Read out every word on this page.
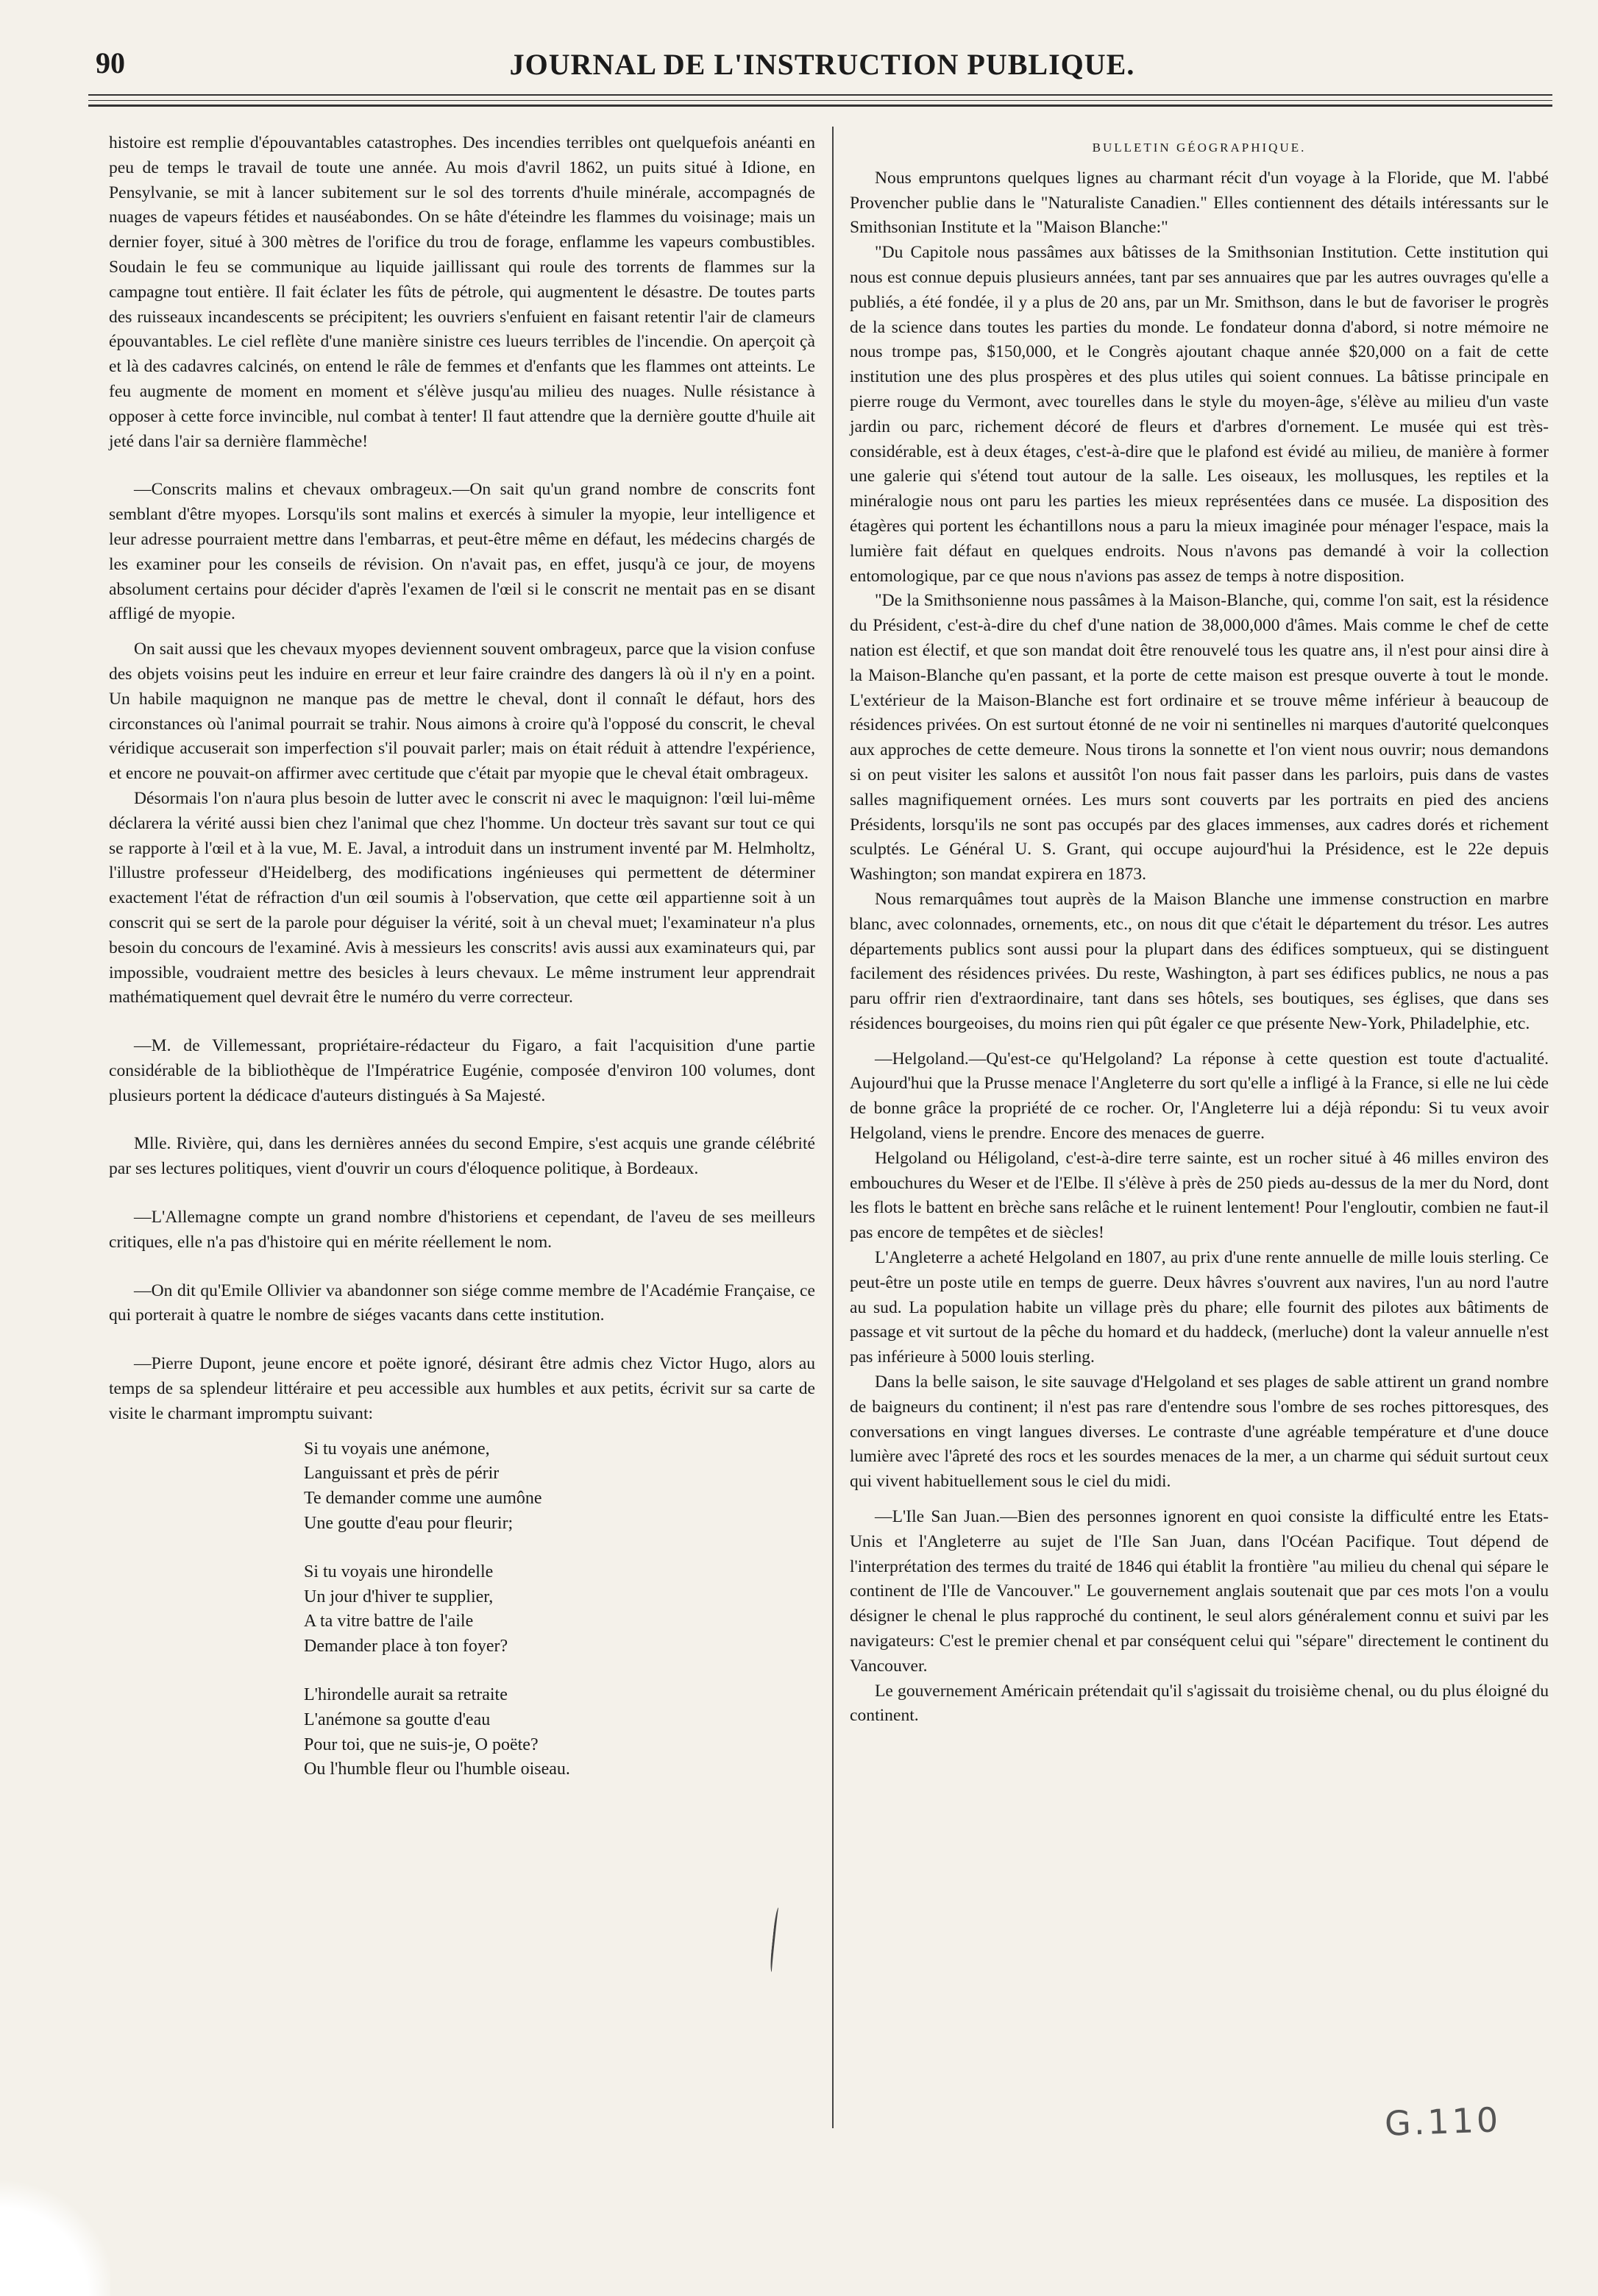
90	JOURNAL DE L'INSTRUCTION PUBLIQUE.

histoire est remplie d'épouvantables catastrophes. Des incendies terribles ont quelquefois anéanti en peu de temps le travail de toute une année. Au mois d'avril 1862, un puits situé à Idione, en Pensylvanie, se mit à lancer subitement sur le sol des torrents d'huile minérale, accompagnés de nuages de vapeurs fétides et nauséabondes. On se hâte d'éteindre les flammes du voisinage; mais un dernier foyer, situé à 300 mètres de l'orifice du trou de forage, enflamme les vapeurs combustibles. Soudain le feu se communique au liquide jaillissant qui roule des torrents de flammes sur la campagne tout entière. Il fait éclater les fûts de pétrole, qui augmentent le désastre. De toutes parts des ruisseaux incandescents se précipitent; les ouvriers s'enfuient en faisant retentir l'air de clameurs épouvantables. Le ciel reflète d'une manière sinistre ces lueurs terribles de l'incendie. On aperçoit çà et là des cadavres calcinés, on entend le râle de femmes et d'enfants que les flammes ont atteints. Le feu augmente de moment en moment et s'élève jusqu'au milieu des nuages. Nulle résistance à opposer à cette force invincible, nul combat à tenter! Il faut attendre que la dernière goutte d'huile ait jeté dans l'air sa dernière flammèche!

—Conscrits malins et chevaux ombrageux.—On sait qu'un grand nombre de conscrits font semblant d'être myopes. Lorsqu'ils sont malins et exercés à simuler la myopie, leur intelligence et leur adresse pourraient mettre dans l'embarras, et peut-être même en défaut, les médecins chargés de les examiner pour les conseils de révision. On n'avait pas, en effet, jusqu'à ce jour, de moyens absolument certains pour décider d'après l'examen de l'œil si le conscrit ne mentait pas en se disant affligé de myopie.

On sait aussi que les chevaux myopes deviennent souvent ombrageux, parce que la vision confuse des objets voisins peut les induire en erreur et leur faire craindre des dangers là où il n'y en a point. Un habile maquignon ne manque pas de mettre le cheval, dont il connaît le défaut, hors des circonstances où l'animal pourrait se trahir. Nous aimons à croire qu'à l'opposé du conscrit, le cheval véridique accuserait son imperfection s'il pouvait parler; mais on était réduit à attendre l'expérience, et encore ne pouvait-on affirmer avec certitude que c'était par myopie que le cheval était ombrageux.

Désormais l'on n'aura plus besoin de lutter avec le conscrit ni avec le maquignon: l'œil lui-même déclarera la vérité aussi bien chez l'animal que chez l'homme. Un docteur très savant sur tout ce qui se rapporte à l'œil et à la vue, M. E. Javal, a introduit dans un instrument inventé par M. Helmholtz, l'illustre professeur d'Heidelberg, des modifications ingénieuses qui permettent de déterminer exactement l'état de réfraction d'un œil soumis à l'observation, que cette œil appartienne soit à un conscrit qui se sert de la parole pour déguiser la vérité, soit à un cheval muet; l'examinateur n'a plus besoin du concours de l'examiné. Avis à messieurs les conscrits! avis aussi aux examinateurs qui, par impossible, voudraient mettre des besicles à leurs chevaux. Le même instrument leur apprendrait mathématiquement quel devrait être le numéro du verre correcteur.

—M. de Villemessant, propriétaire-rédacteur du Figaro, a fait l'acquisition d'une partie considérable de la bibliothèque de l'Impératrice Eugénie, composée d'environ 100 volumes, dont plusieurs portent la dédicace d'auteurs distingués à Sa Majesté.

Mlle. Rivière, qui, dans les dernières années du second Empire, s'est acquis une grande célébrité par ses lectures politiques, vient d'ouvrir un cours d'éloquence politique, à Bordeaux.

—L'Allemagne compte un grand nombre d'historiens et cependant, de l'aveu de ses meilleurs critiques, elle n'a pas d'histoire qui en mérite réellement le nom.

—On dit qu'Emile Ollivier va abandonner son siége comme membre de l'Académie Française, ce qui porterait à quatre le nombre de siéges vacants dans cette institution.

—Pierre Dupont, jeune encore et poëte ignoré, désirant être admis chez Victor Hugo, alors au temps de sa splendeur littéraire et peu accessible aux humbles et aux petits, écrivit sur sa carte de visite le charmant impromptu suivant:

Si tu voyais une anémone,
Languissant et près de périr
Te demander comme une aumône
Une goutte d'eau pour fleurir;
Si tu voyais une hirondelle
Un jour d'hiver te supplier,
A ta vitre battre de l'aile
Demander place à ton foyer?
L'hirondelle aurait sa retraite
L'anémone sa goutte d'eau
Pour toi, que ne suis-je, O poëte?
Ou l'humble fleur ou l'humble oiseau.
BULLETIN GÉOGRAPHIQUE.

Nous empruntons quelques lignes au charmant récit d'un voyage à la Floride, que M. l'abbé Provencher publie dans le "Naturaliste Canadien." Elles contiennent des détails intéressants sur le Smithsonian Institute et la "Maison Blanche:"

"Du Capitole nous passâmes aux bâtisses de la Smithsonian Institution. Cette institution qui nous est connue depuis plusieurs années, tant par ses annuaires que par les autres ouvrages qu'elle a publiés, a été fondée, il y a plus de 20 ans, par un Mr. Smithson, dans le but de favoriser le progrès de la science dans toutes les parties du monde. Le fondateur donna d'abord, si notre mémoire ne nous trompe pas, $150,000, et le Congrès ajoutant chaque année $20,000 on a fait de cette institution une des plus prospères et des plus utiles qui soient connues. La bâtisse principale en pierre rouge du Vermont, avec tourelles dans le style du moyen-âge, s'élève au milieu d'un vaste jardin ou parc, richement décoré de fleurs et d'arbres d'ornement. Le musée qui est très-considérable, est à deux étages, c'est-à-dire que le plafond est évidé au milieu, de manière à former une galerie qui s'étend tout autour de la salle. Les oiseaux, les mollusques, les reptiles et la minéralogie nous ont paru les parties les mieux représentées dans ce musée. La disposition des étagères qui portent les échantillons nous a paru la mieux imaginée pour ménager l'espace, mais la lumière fait défaut en quelques endroits. Nous n'avons pas demandé à voir la collection entomologique, par ce que nous n'avions pas assez de temps à notre disposition.

"De la Smithsonienne nous passâmes à la Maison-Blanche, qui, comme l'on sait, est la résidence du Président, c'est-à-dire du chef d'une nation de 38,000,000 d'âmes. Mais comme le chef de cette nation est électif, et que son mandat doit être renouvelé tous les quatre ans, il n'est pour ainsi dire à la Maison-Blanche qu'en passant, et la porte de cette maison est presque ouverte à tout le monde. L'extérieur de la Maison-Blanche est fort ordinaire et se trouve même inférieur à beaucoup de résidences privées. On est surtout étonné de ne voir ni sentinelles ni marques d'autorité quelconques aux approches de cette demeure. Nous tirons la sonnette et l'on vient nous ouvrir; nous demandons si on peut visiter les salons et aussitôt l'on nous fait passer dans les parloirs, puis dans de vastes salles magnifiquement ornées. Les murs sont couverts par les portraits en pied des anciens Présidents, lorsqu'ils ne sont pas occupés par des glaces immenses, aux cadres dorés et richement sculptés. Le Général U. S. Grant, qui occupe aujourd'hui la Présidence, est le 22e depuis Washington; son mandat expirera en 1873.

Nous remarquâmes tout auprès de la Maison Blanche une immense construction en marbre blanc, avec colonnades, ornements, etc., on nous dit que c'était le département du trésor. Les autres départements publics sont aussi pour la plupart dans des édifices somptueux, qui se distinguent facilement des résidences privées. Du reste, Washington, à part ses édifices publics, ne nous a pas paru offrir rien d'extraordinaire, tant dans ses hôtels, ses boutiques, ses églises, que dans ses résidences bourgeoises, du moins rien qui pût égaler ce que présente New-York, Philadelphie, etc.

—Helgoland.—Qu'est-ce qu'Helgoland? La réponse à cette question est toute d'actualité. Aujourd'hui que la Prusse menace l'Angleterre du sort qu'elle a infligé à la France, si elle ne lui cède de bonne grâce la propriété de ce rocher. Or, l'Angleterre lui a déjà répondu: Si tu veux avoir Helgoland, viens le prendre. Encore des menaces de guerre.

Helgoland ou Héligoland, c'est-à-dire terre sainte, est un rocher situé à 46 milles environ des embouchures du Weser et de l'Elbe. Il s'élève à près de 250 pieds au-dessus de la mer du Nord, dont les flots le battent en brèche sans relâche et le ruinent lentement! Pour l'engloutir, combien ne faut-il pas encore de tempêtes et de siècles!

L'Angleterre a acheté Helgoland en 1807, au prix d'une rente annuelle de mille louis sterling. Ce peut-être un poste utile en temps de guerre. Deux hâvres s'ouvrent aux navires, l'un au nord l'autre au sud. La population habite un village près du phare; elle fournit des pilotes aux bâtiments de passage et vit surtout de la pêche du homard et du haddeck, (merluche) dont la valeur annuelle n'est pas inférieure à 5000 louis sterling.

Dans la belle saison, le site sauvage d'Helgoland et ses plages de sable attirent un grand nombre de baigneurs du continent; il n'est pas rare d'entendre sous l'ombre de ses roches pittoresques, des conversations en vingt langues diverses. Le contraste d'une agréable température et d'une douce lumière avec l'âpreté des rocs et les sourdes menaces de la mer, a un charme qui séduit surtout ceux qui vivent habituellement sous le ciel du midi.

—L'Ile San Juan.—Bien des personnes ignorent en quoi consiste la difficulté entre les Etats-Unis et l'Angleterre au sujet de l'Ile San Juan, dans l'Océan Pacifique. Tout dépend de l'interprétation des termes du traité de 1846 qui établit la frontière "au milieu du chenal qui sépare le continent de l'Ile de Vancouver." Le gouvernement anglais soutenait que par ces mots l'on a voulu désigner le chenal le plus rapproché du continent, le seul alors généralement connu et suivi par les navigateurs: C'est le premier chenal et par conséquent celui qui "sépare" directement le continent du Vancouver.

Le gouvernement Américain prétendait qu'il s'agissait du troisième chenal, ou du plus éloigné du continent.

G.110
